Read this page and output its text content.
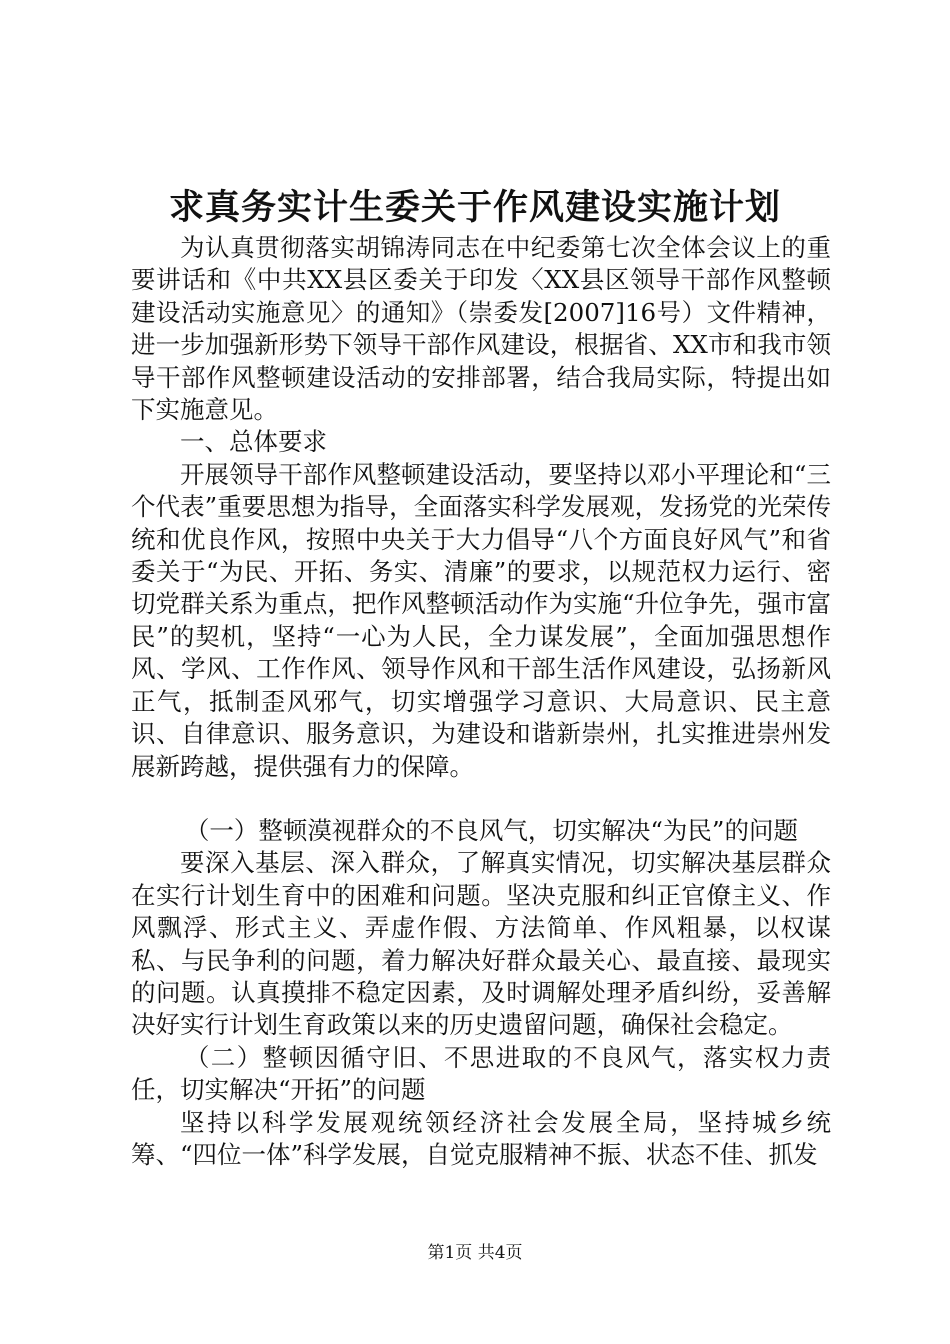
求真务实计生委关于作风建设实施计划

为认真贯彻落实胡锦涛同志在中纪委第七次全体会议上的重要讲话和《中共XX县区委关于印发〈XX县区领导干部作风整顿建设活动实施意见〉的通知》（崇委发[2007]16号）文件精神，进一步加强新形势下领导干部作风建设，根据省、XX市和我市领导干部作风整顿建设活动的安排部署，结合我局实际，特提出如下实施意见。

一、总体要求

开展领导干部作风整顿建设活动，要坚持以邓小平理论和“三个代表”重要思想为指导，全面落实科学发展观，发扬党的光荣传统和优良作风，按照中央关于大力倡导“八个方面良好风气”和省委关于“为民、开拓、务实、清廉”的要求，以规范权力运行、密切党群关系为重点，把作风整顿活动作为实施“升位争先，强市富民”的契机，坚持“一心为人民，全力谋发展”，全面加强思想作风、学风、工作作风、领导作风和干部生活作风建设，弘扬新风正气，抵制歪风邪气，切实增强学习意识、大局意识、民主意识、自律意识、服务意识，为建设和谐新崇州，扎实推进崇州发展新跨越，提供强有力的保障。

（一）整顿漠视群众的不良风气，切实解决“为民”的问题

要深入基层、深入群众，了解真实情况，切实解决基层群众在实行计划生育中的困难和问题。坚决克服和纠正官僚主义、作风飘浮、形式主义、弄虚作假、方法简单、作风粗暴，以权谋私、与民争利的问题，着力解决好群众最关心、最直接、最现实的问题。认真摸排不稳定因素，及时调解处理矛盾纠纷，妥善解决好实行计划生育政策以来的历史遗留问题，确保社会稳定。

（二）整顿因循守旧、不思进取的不良风气，落实权力责任，切实解决“开拓”的问题

坚持以科学发展观统领经济社会发展全局，坚持城乡统筹、“四位一体”科学发展，自觉克服精神不振、状态不佳、抓发

第1页 共4页
